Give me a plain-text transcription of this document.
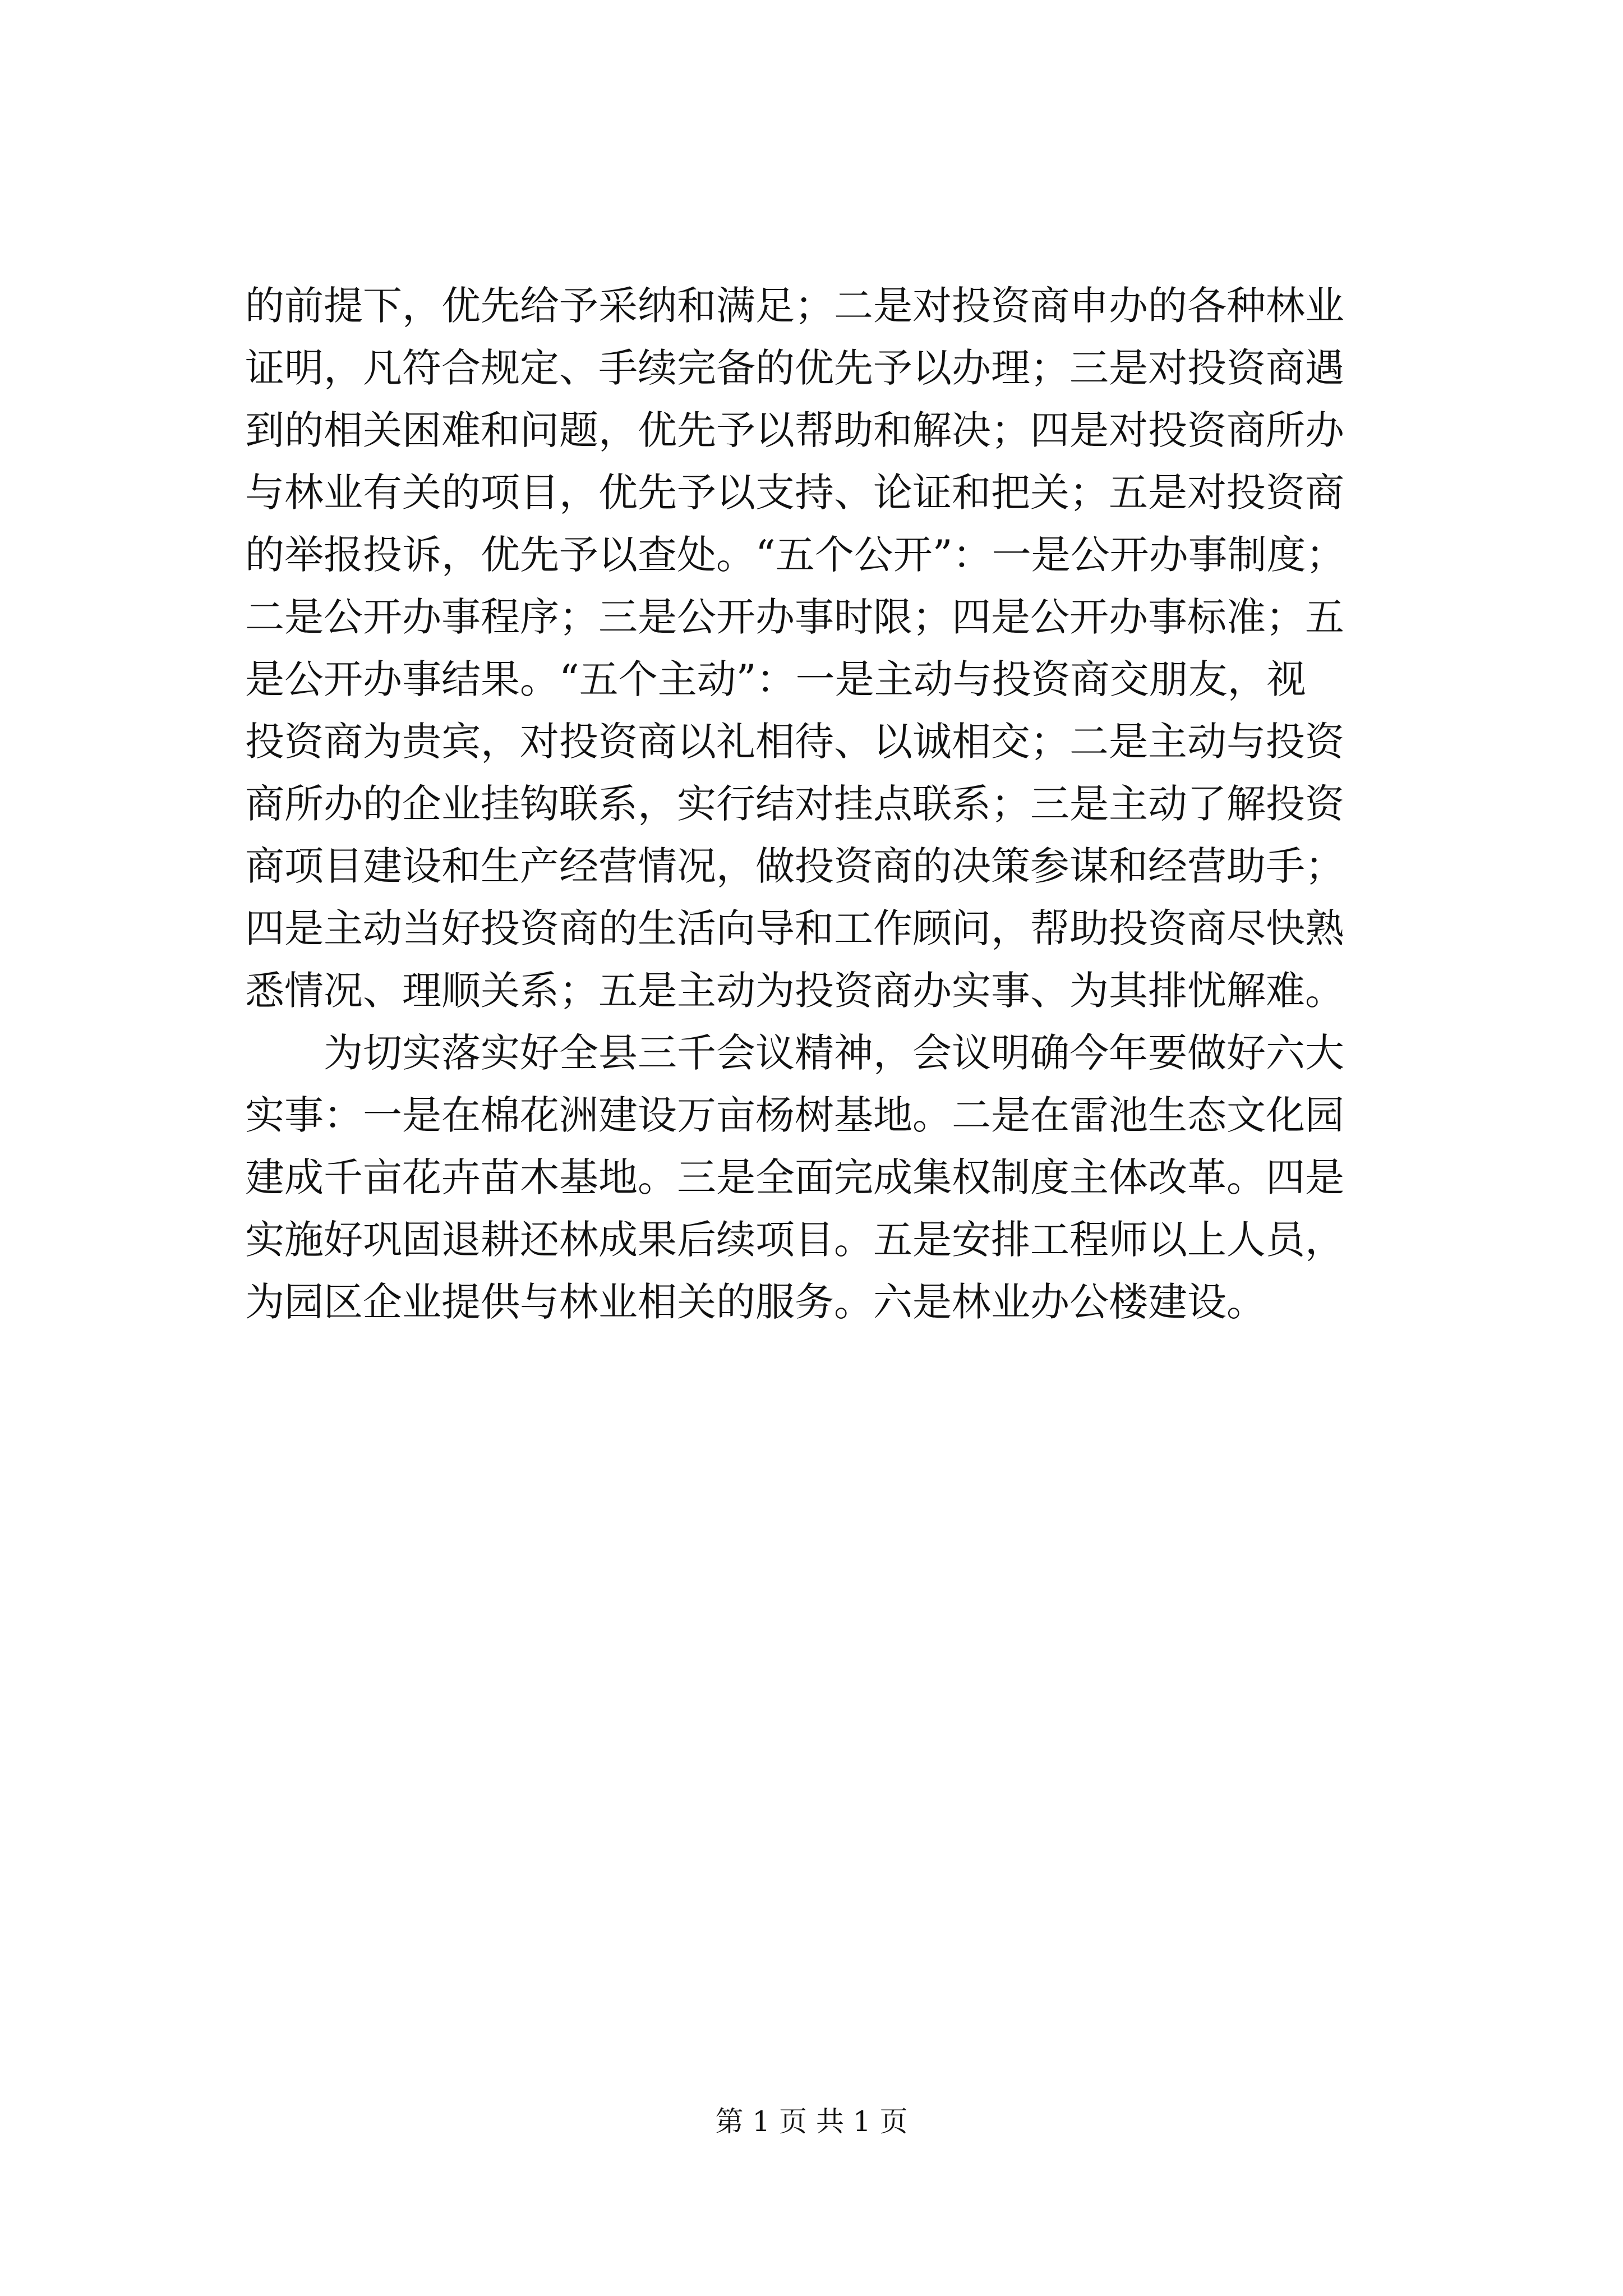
的前提下，优先给予采纳和满足；二是对投资商申办的各种林业
证明，凡符合规定、手续完备的优先予以办理；三是对投资商遇
到的相关困难和问题，优先予以帮助和解决；四是对投资商所办
与林业有关的项目，优先予以支持、论证和把关；五是对投资商
的举报投诉，优先予以查处。“五个公开”：一是公开办事制度；
二是公开办事程序；三是公开办事时限；四是公开办事标准；五
是公开办事结果。“五个主动”：一是主动与投资商交朋友，视
投资商为贵宾，对投资商以礼相待、以诚相交；二是主动与投资
商所办的企业挂钩联系，实行结对挂点联系；三是主动了解投资
商项目建设和生产经营情况，做投资商的决策参谋和经营助手；
四是主动当好投资商的生活向导和工作顾问，帮助投资商尽快熟
悉情况、理顺关系；五是主动为投资商办实事、为其排忧解难。
　　为切实落实好全县三千会议精神，会议明确今年要做好六大
实事：一是在棉花洲建设万亩杨树基地。二是在雷池生态文化园
建成千亩花卉苗木基地。三是全面完成集权制度主体改革。四是
实施好巩固退耕还林成果后续项目。五是安排工程师以上人员，
为园区企业提供与林业相关的服务。六是林业办公楼建设。
第 1 页 共 1 页
